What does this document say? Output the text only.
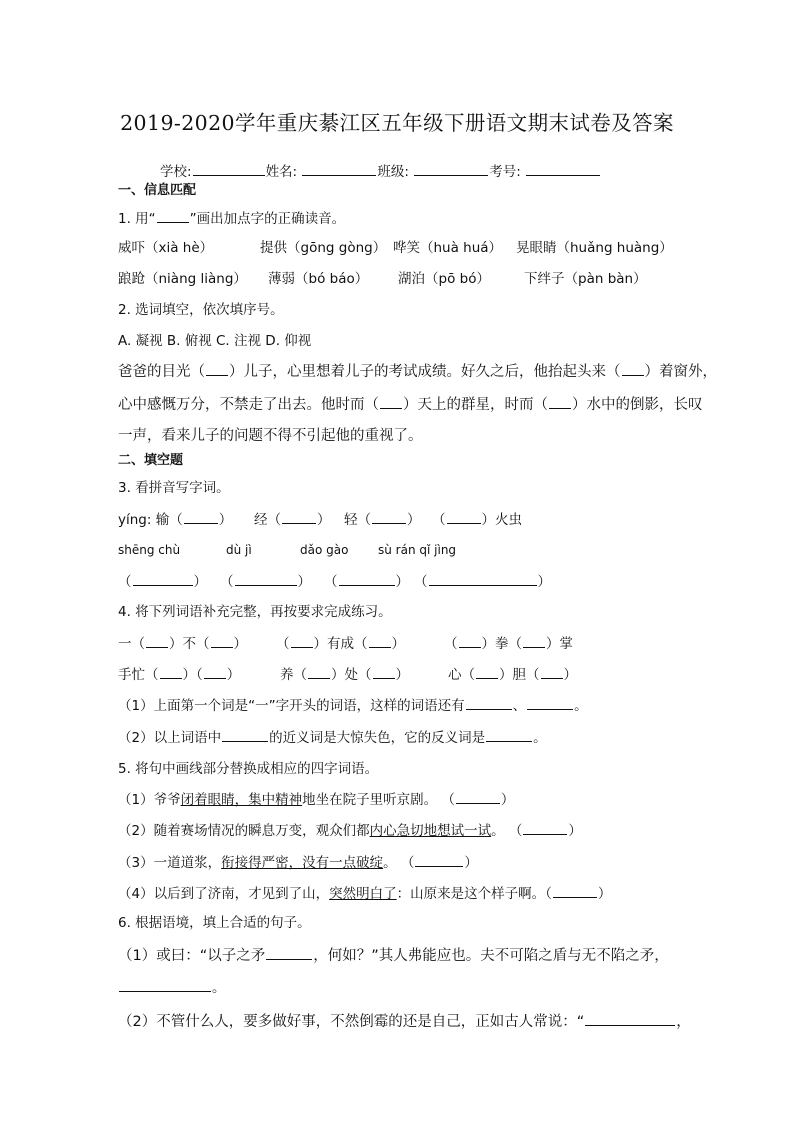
2019-2020学年重庆綦江区五年级下册语文期末试卷及答案
学校:	姓名:	班级:	考号:
一、信息匹配
1. 用“	”画出加点字的正确读音。
威吓（xià hè）	提供（gōng gòng） 哗笑（huà huá） 晃眼睛（huǎng huàng）
踉跄（niàng liàng） 薄弱（bó báo） 湖泊（pō bó）	下绊子（pàn bàn）
2. 选词填空，依次填序号。
A. 凝视 B. 俯视 C. 注视 D. 仰视
爸爸的目光（ ）儿子，心里想着儿子的考试成绩。好久之后，他抬起头来（ ）着窗外，
心中感慨万分，不禁走了出去。他时而（ ）天上的群星，时而（ ）水中的倒影，长叹
一声，看来儿子的问题不得不引起他的重视了。
二、填空题
3. 看拼音写字词。
yíng: 输（	） 经（	） 轻（	） （	）火虫
shēng chù	dù jì	dǎo gào sù rán qǐ jìng
（	） （	） （	） （	）
4. 将下列词语补充完整，再按要求完成练习。
一（ ）不（ ） （ ）有成（ ）	（ ）拳（ ）掌
手忙（ ）（ ）	养（ ）处（ ）	心（ ）胆（ ）
（1）上面第一个词是“一”字开头的词语，这样的词语还有	、	。
（2）以上词语中	的近义词是大惊失色，它的反义词是	。
5. 将句中画线部分替换成相应的四字词语。
（1）爷爷闭着眼睛，集中精神地坐在院子里听京剧。 （	）
（2）随着赛场情况的瞬息万变，观众们都内心急切地想试一试。 （	）
（3）一道道浆，衔接得严密，没有一点破绽。 （	）
（4）以后到了济南，才见到了山，突然明白了：山原来是这个样子啊。（	）
6. 根据语境，填上合适的句子。
（1）或曰：“以子之矛	，何如？”其人弗能应也。夫不可陷之盾与无不陷之矛，
。
（2）不管什么人，要多做好事，不然倒霉的还是自己，正如古人常说：“	，
